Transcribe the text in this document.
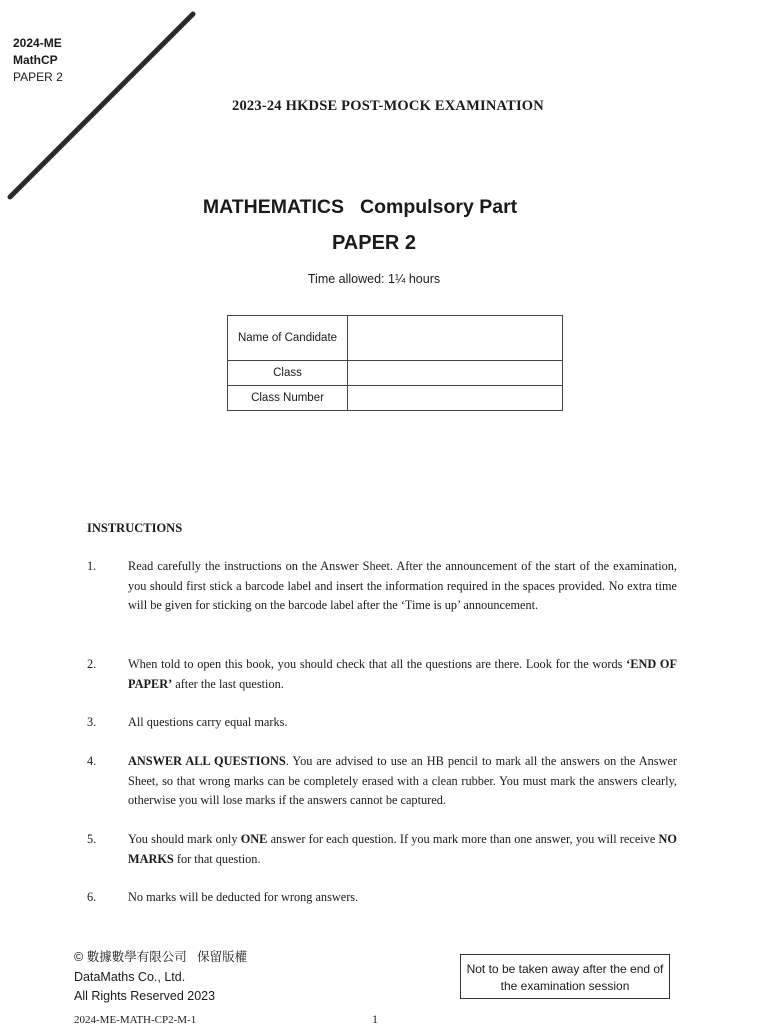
2024-ME
MathCP
PAPER 2
2023-24 HKDSE POST-MOCK EXAMINATION
MATHEMATICS Compulsory Part
PAPER 2
Time allowed: 1¼ hours
Name of Candidate	
Class	
Class Number	
INSTRUCTIONS
1.	Read carefully the instructions on the Answer Sheet. After the announcement of the start of the examination, you should first stick a barcode label and insert the information required in the spaces provided. No extra time will be given for sticking on the barcode label after the ‘Time is up’ announcement.
2.	When told to open this book, you should check that all the questions are there. Look for the words ‘END OF PAPER’ after the last question.
3.	All questions carry equal marks.
4.	ANSWER ALL QUESTIONS. You are advised to use an HB pencil to mark all the answers on the Answer Sheet, so that wrong marks can be completely erased with a clean rubber. You must mark the answers clearly, otherwise you will lose marks if the answers cannot be captured.
5.	You should mark only ONE answer for each question. If you mark more than one answer, you will receive NO MARKS for that question.
6.	No marks will be deducted for wrong answers.
© 數據數學有限公司 保留版權
DataMaths Co., Ltd.
All Rights Reserved 2023
Not to be taken away after the end of the examination session
2024-ME-MATH-CP2-M-1	1
